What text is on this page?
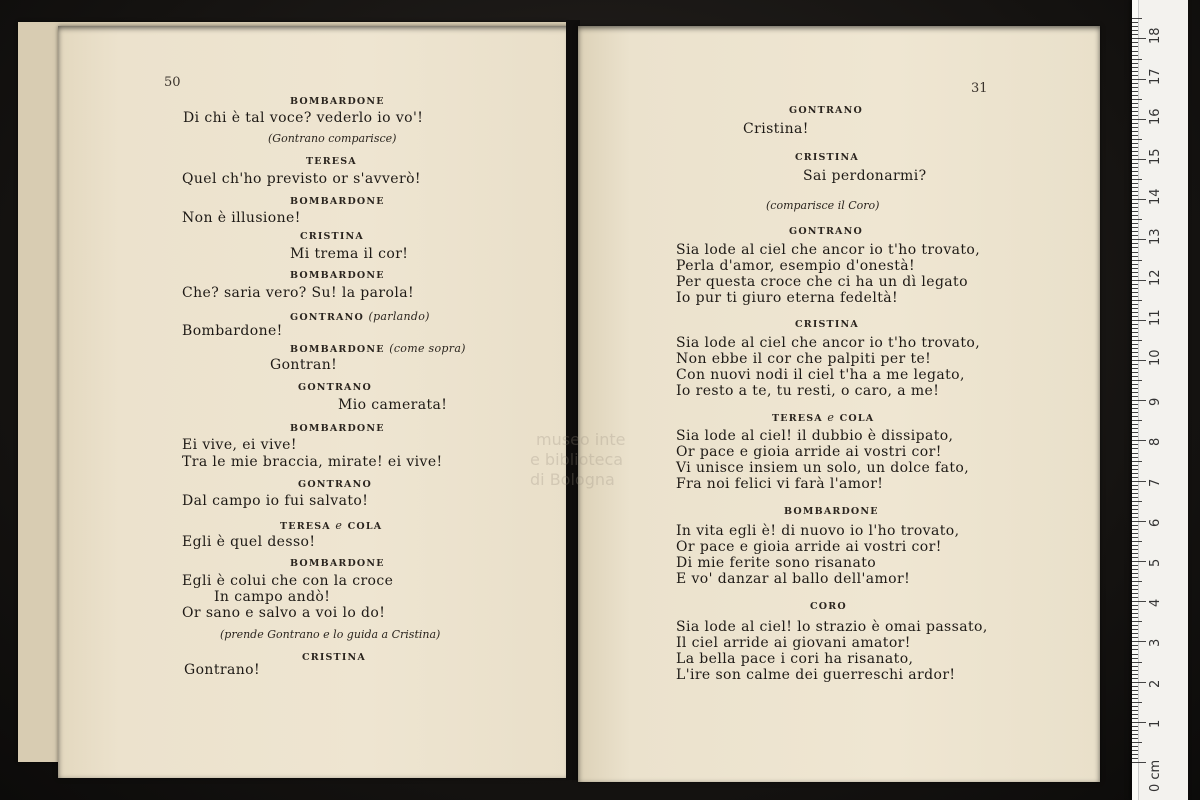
50
BOMBARDONE
Di chi è tal voce? vederlo io vo'!
(Gontrano comparisce)
TERESA
Quel ch'ho previsto or s'avverò!
BOMBARDONE
Non è illusione!
CRISTINA
Mi trema il cor!
BOMBARDONE
Che? saria vero? Su! la parola!
GONTRANO (parlando)
Bombardone!
BOMBARDONE (come sopra)
Gontran!
GONTRANO
Mio camerata!
BOMBARDONE
Ei vive, ei vive!
Tra le mie braccia, mirate! ei vive!
GONTRANO
Dal campo io fui salvato!
TERESA e COLA
Egli è quel desso!
BOMBARDONE
Egli è colui che con la croce
In campo andò!
Or sano e salvo a voi lo do!
(prende Gontrano e lo guida a Cristina)
CRISTINA
Gontrano!
31
GONTRANO
Cristina!
CRISTINA
Sai perdonarmi?
(comparisce il Coro)
GONTRANO
Sia lode al ciel che ancor io t'ho trovato,
Perla d'amor, esempio d'onestà!
Per questa croce che ci ha un dì legato
Io pur ti giuro eterna fedeltà!
CRISTINA
Sia lode al ciel che ancor io t'ho trovato,
Non ebbe il cor che palpiti per te!
Con nuovi nodi il ciel t'ha a me legato,
Io resto a te, tu resti, o caro, a me!
TERESA e COLA
Sia lode al ciel! il dubbio è dissipato,
Or pace e gioia arride ai vostri cor!
Vi unisce insiem un solo, un dolce fato,
Fra noi felici vi farà l'amor!
BOMBARDONE
In vita egli è! di nuovo io l'ho trovato,
Or pace e gioia arride ai vostri cor!
Di mie ferite sono risanato
E vo' danzar al ballo dell'amor!
CORO
Sia lode al ciel! lo strazio è omai passato,
Il ciel arride ai giovani amator!
La bella pace i cori ha risanato,
L'ire son calme dei guerreschi ardor!
museo inte
e biblioteca
di Bologna
1
2
3
4
5
6
7
8
9
10
11
12
13
14
15
16
17
18
0 cm
